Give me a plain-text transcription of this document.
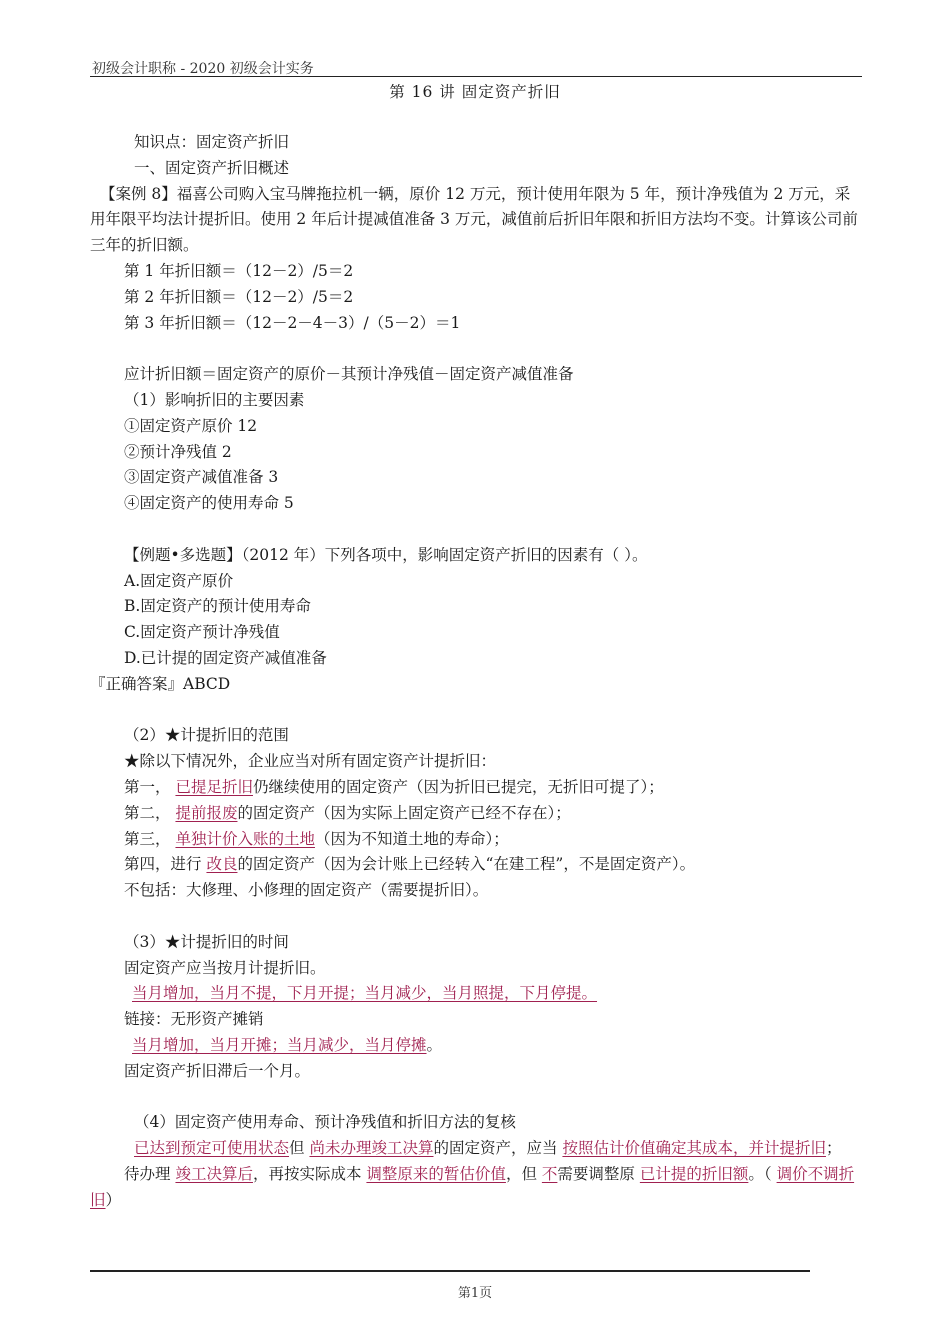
初级会计职称 - 2020 初级会计实务
第 16 讲 固定资产折旧
知识点：固定资产折旧
一、固定资产折旧概述
【案例 8】福喜公司购入宝马牌拖拉机一辆，原价 12 万元，预计使用年限为 5 年，预计净残值为 2 万元，采用年限平均法计提折旧。使用 2 年后计提减值准备 3 万元，减值前后折旧年限和折旧方法均不变。计算该公司前三年的折旧额。
第 1 年折旧额＝（12－2）/5＝2
第 2 年折旧额＝（12－2）/5＝2
第 3 年折旧额＝（12－2－4－3）/（5－2）＝1
应计折旧额＝固定资产的原价－其预计净残值－固定资产减值准备
（1）影响折旧的主要因素
①固定资产原价 12
②预计净残值 2
③固定资产减值准备 3
④固定资产的使用寿命 5
【例题•多选题】（2012 年）下列各项中，影响固定资产折旧的因素有（ ）。
A.固定资产原价
B.固定资产的预计使用寿命
C.固定资产预计净残值
D.已计提的固定资产减值准备
『正确答案』ABCD
（2）★计提折旧的范围
★除以下情况外，企业应当对所有固定资产计提折旧：
第一， 已提足折旧仍继续使用的固定资产（因为折旧已提完，无折旧可提了）；
第二， 提前报废的固定资产（因为实际上固定资产已经不存在）；
第三， 单独计价入账的土地（因为不知道土地的寿命）；
第四，进行 改良的固定资产（因为会计账上已经转入“在建工程”，不是固定资产）。
不包括：大修理、小修理的固定资产（需要提折旧）。
（3）★计提折旧的时间
固定资产应当按月计提折旧。
当月增加，当月不提，下月开提；当月减少，当月照提，下月停提。
链接：无形资产摊销
当月增加，当月开摊；当月减少，当月停摊。
固定资产折旧滞后一个月。
（4）固定资产使用寿命、预计净残值和折旧方法的复核
已达到预定可使用状态但 尚未办理竣工决算的固定资产，应当 按照估计价值确定其成本，并计提折旧；
待办理 竣工决算后，再按实际成本 调整原来的暂估价值，但 不需要调整原 已计提的折旧额。（ 调价不调折旧）
第1页
